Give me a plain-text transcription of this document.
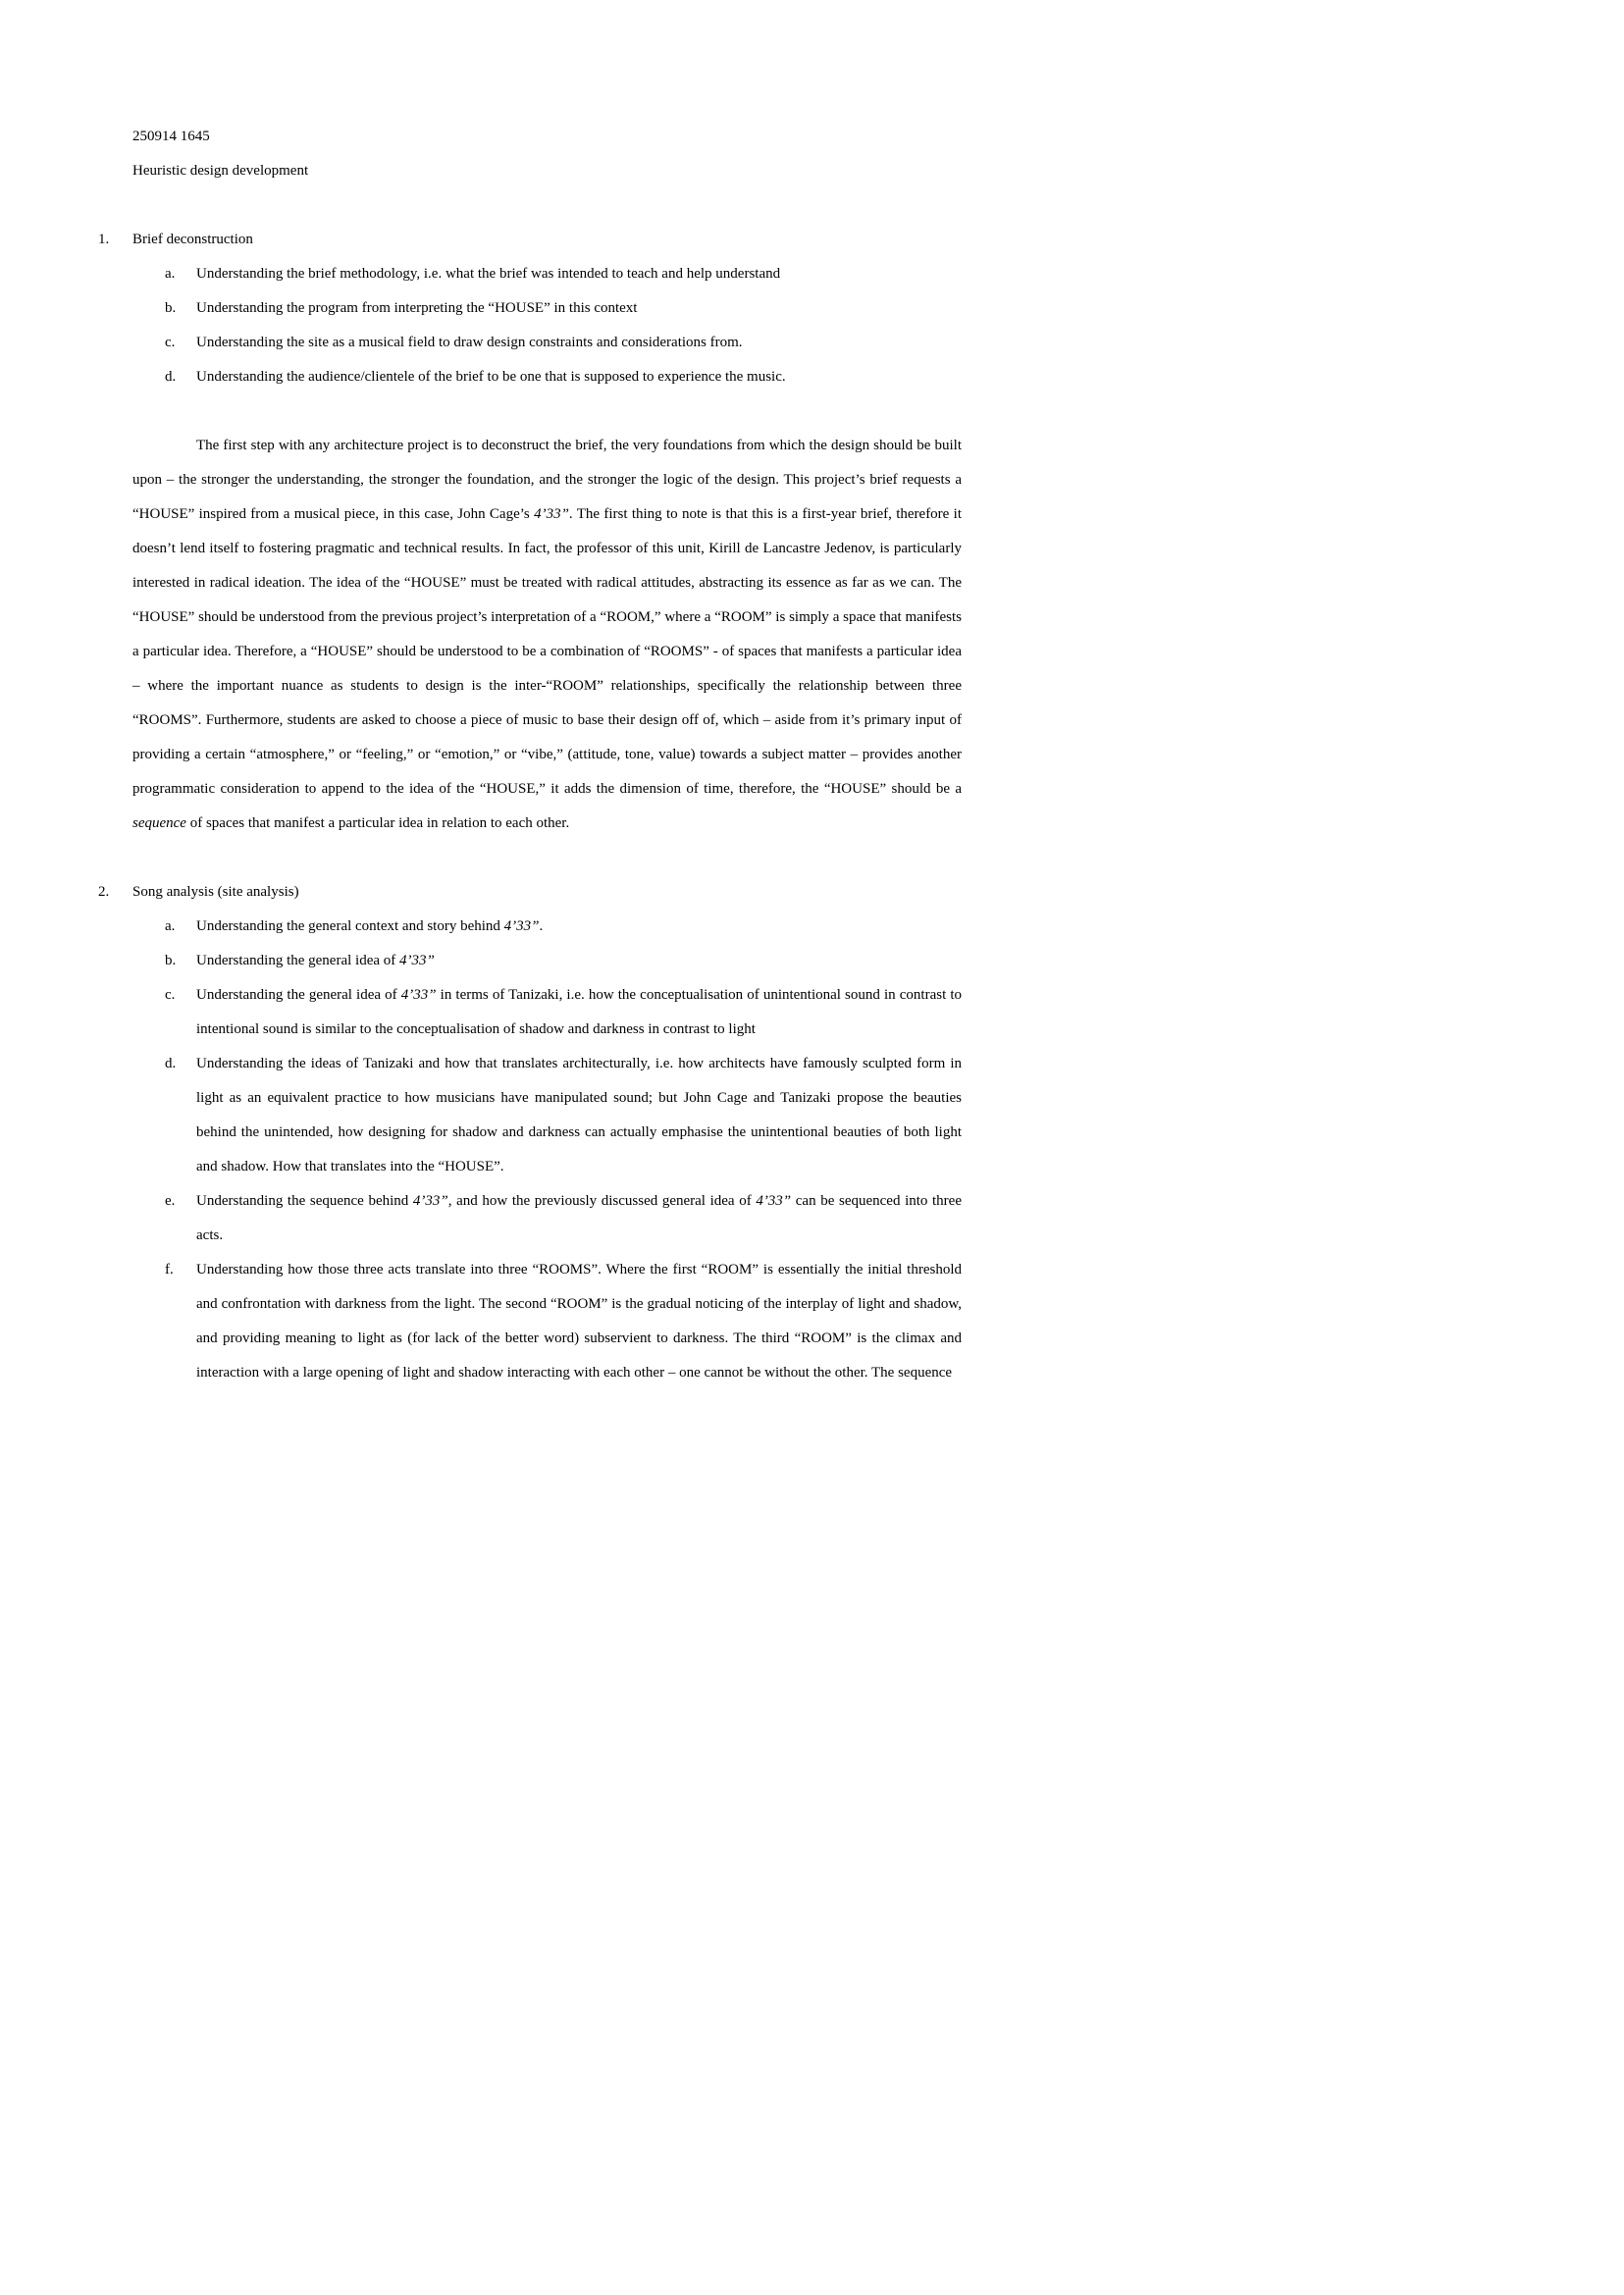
250914 1645
Heuristic design development
1. Brief deconstruction
a. Understanding the brief methodology, i.e. what the brief was intended to teach and help understand
b. Understanding the program from interpreting the “HOUSE” in this context
c. Understanding the site as a musical field to draw design constraints and considerations from.
d. Understanding the audience/clientele of the brief to be one that is supposed to experience the music.
The first step with any architecture project is to deconstruct the brief, the very foundations from which the design should be built upon – the stronger the understanding, the stronger the foundation, and the stronger the logic of the design. This project’s brief requests a “HOUSE” inspired from a musical piece, in this case, John Cage’s 4’33”. The first thing to note is that this is a first-year brief, therefore it doesn’t lend itself to fostering pragmatic and technical results. In fact, the professor of this unit, Kirill de Lancastre Jedenov, is particularly interested in radical ideation. The idea of the “HOUSE” must be treated with radical attitudes, abstracting its essence as far as we can. The “HOUSE” should be understood from the previous project’s interpretation of a “ROOM,” where a “ROOM” is simply a space that manifests a particular idea. Therefore, a “HOUSE” should be understood to be a combination of “ROOMS” - of spaces that manifests a particular idea – where the important nuance as students to design is the inter-“ROOM” relationships, specifically the relationship between three “ROOMS”. Furthermore, students are asked to choose a piece of music to base their design off of, which – aside from it’s primary input of providing a certain “atmosphere,” or “feeling,” or “emotion,” or “vibe,” (attitude, tone, value) towards a subject matter – provides another programmatic consideration to append to the idea of the “HOUSE,” it adds the dimension of time, therefore, the “HOUSE” should be a sequence of spaces that manifest a particular idea in relation to each other.
2. Song analysis (site analysis)
a. Understanding the general context and story behind 4’33”.
b. Understanding the general idea of 4’33”
c. Understanding the general idea of 4’33” in terms of Tanizaki, i.e. how the conceptualisation of unintentional sound in contrast to intentional sound is similar to the conceptualisation of shadow and darkness in contrast to light
d. Understanding the ideas of Tanizaki and how that translates architecturally, i.e. how architects have famously sculpted form in light as an equivalent practice to how musicians have manipulated sound; but John Cage and Tanizaki propose the beauties behind the unintended, how designing for shadow and darkness can actually emphasise the unintentional beauties of both light and shadow. How that translates into the “HOUSE”.
e. Understanding the sequence behind 4’33”, and how the previously discussed general idea of 4’33” can be sequenced into three acts.
f. Understanding how those three acts translate into three “ROOMS”. Where the first “ROOM” is essentially the initial threshold and confrontation with darkness from the light. The second “ROOM” is the gradual noticing of the interplay of light and shadow, and providing meaning to light as (for lack of the better word) subservient to darkness. The third “ROOM” is the climax and interaction with a large opening of light and shadow interacting with each other – one cannot be without the other. The sequence
